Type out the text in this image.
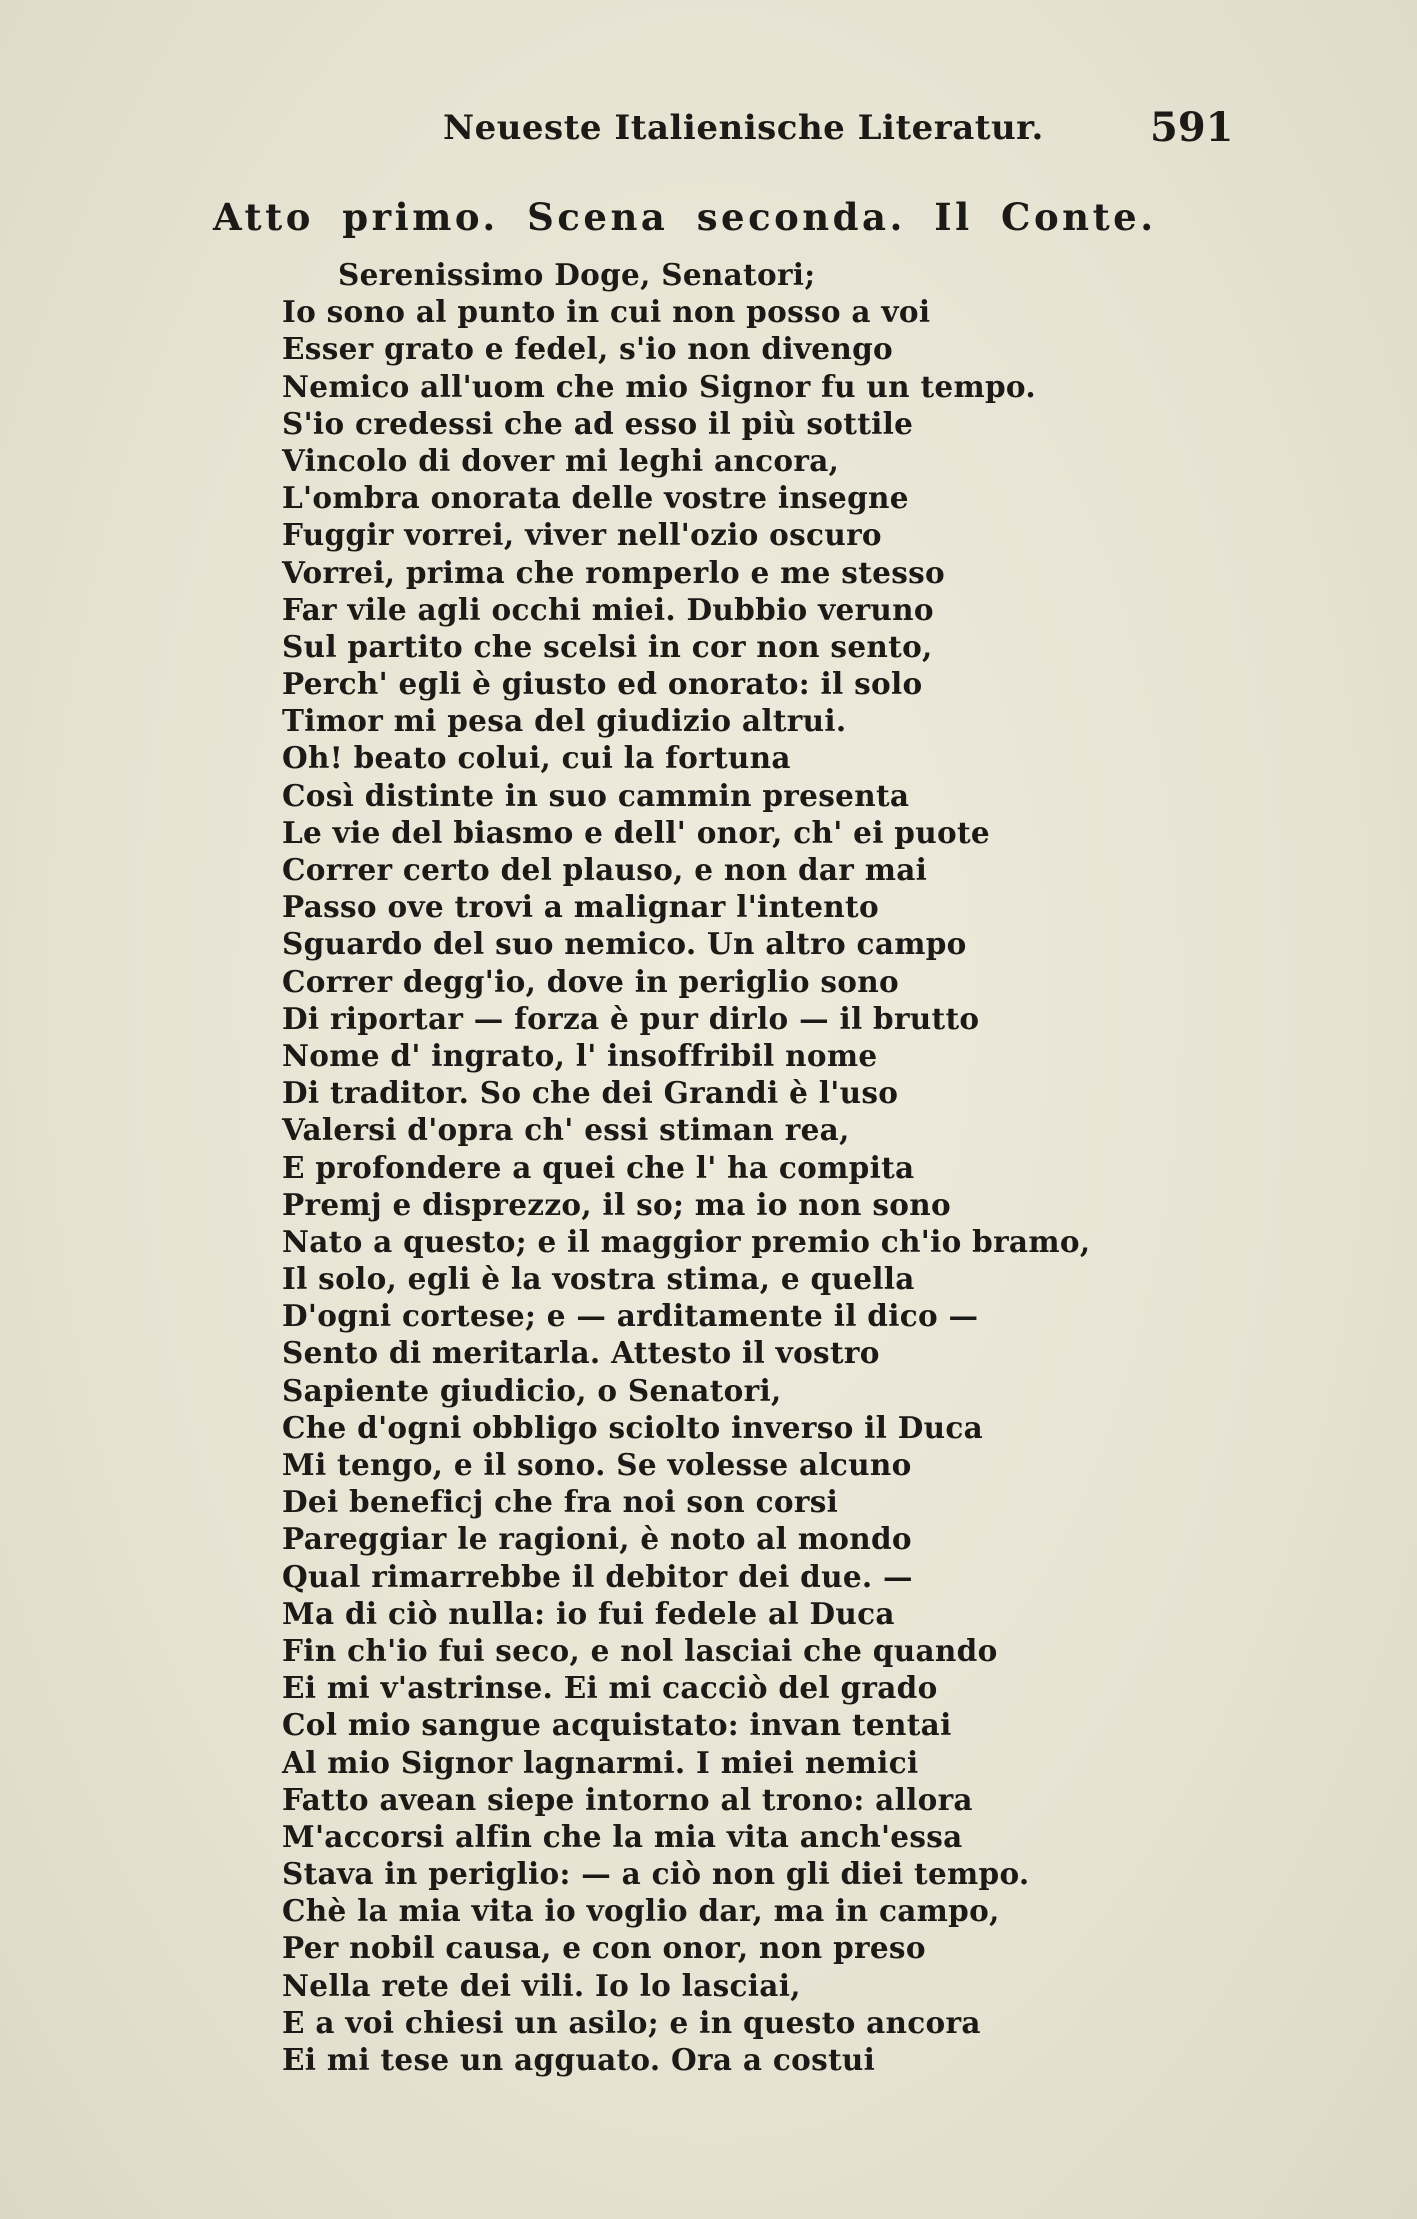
Neueste Italienische Literatur.	591
Atto primo. Scena seconda. Il Conte.
Serenissimo Doge, Senatori;
Io sono al punto in cui non posso a voi
Esser grato e fedel, s'io non divengo
Nemico all'uom che mio Signor fu un tempo.
S'io credessi che ad esso il più sottile
Vincolo di dover mi leghi ancora,
L'ombra onorata delle vostre insegne
Fuggir vorrei, viver nell'ozio oscuro
Vorrei, prima che romperlo e me stesso
Far vile agli occhi miei. Dubbio veruno
Sul partito che scelsi in cor non sento,
Perch' egli è giusto ed onorato: il solo
Timor mi pesa del giudizio altrui.
Oh! beato colui, cui la fortuna
Così distinte in suo cammin presenta
Le vie del biasmo e dell' onor, ch' ei puote
Correr certo del plauso, e non dar mai
Passo ove trovi a malignar l'intento
Sguardo del suo nemico. Un altro campo
Correr degg'io, dove in periglio sono
Di riportar — forza è pur dirlo — il brutto
Nome d' ingrato, l' insoffribil nome
Di traditor. So che dei Grandi è l'uso
Valersi d'opra ch' essi stiman rea,
E profondere a quei che l' ha compita
Premj e disprezzo, il so; ma io non sono
Nato a questo; e il maggior premio ch'io bramo,
Il solo, egli è la vostra stima, e quella
D'ogni cortese; e — arditamente il dico —
Sento di meritarla. Attesto il vostro
Sapiente giudicio, o Senatori,
Che d'ogni obbligo sciolto inverso il Duca
Mi tengo, e il sono. Se volesse alcuno
Dei beneficj che fra noi son corsi
Pareggiar le ragioni, è noto al mondo
Qual rimarrebbe il debitor dei due. —
Ma di ciò nulla: io fui fedele al Duca
Fin ch'io fui seco, e nol lasciai che quando
Ei mi v'astrinse. Ei mi cacciò del grado
Col mio sangue acquistato: invan tentai
Al mio Signor lagnarmi. I miei nemici
Fatto avean siepe intorno al trono: allora
M'accorsi alfin che la mia vita anch'essa
Stava in periglio: — a ciò non gli diei tempo.
Chè la mia vita io voglio dar, ma in campo,
Per nobil causa, e con onor, non preso
Nella rete dei vili. Io lo lasciai,
E a voi chiesi un asilo; e in questo ancora
Ei mi tese un agguato. Ora a costui
